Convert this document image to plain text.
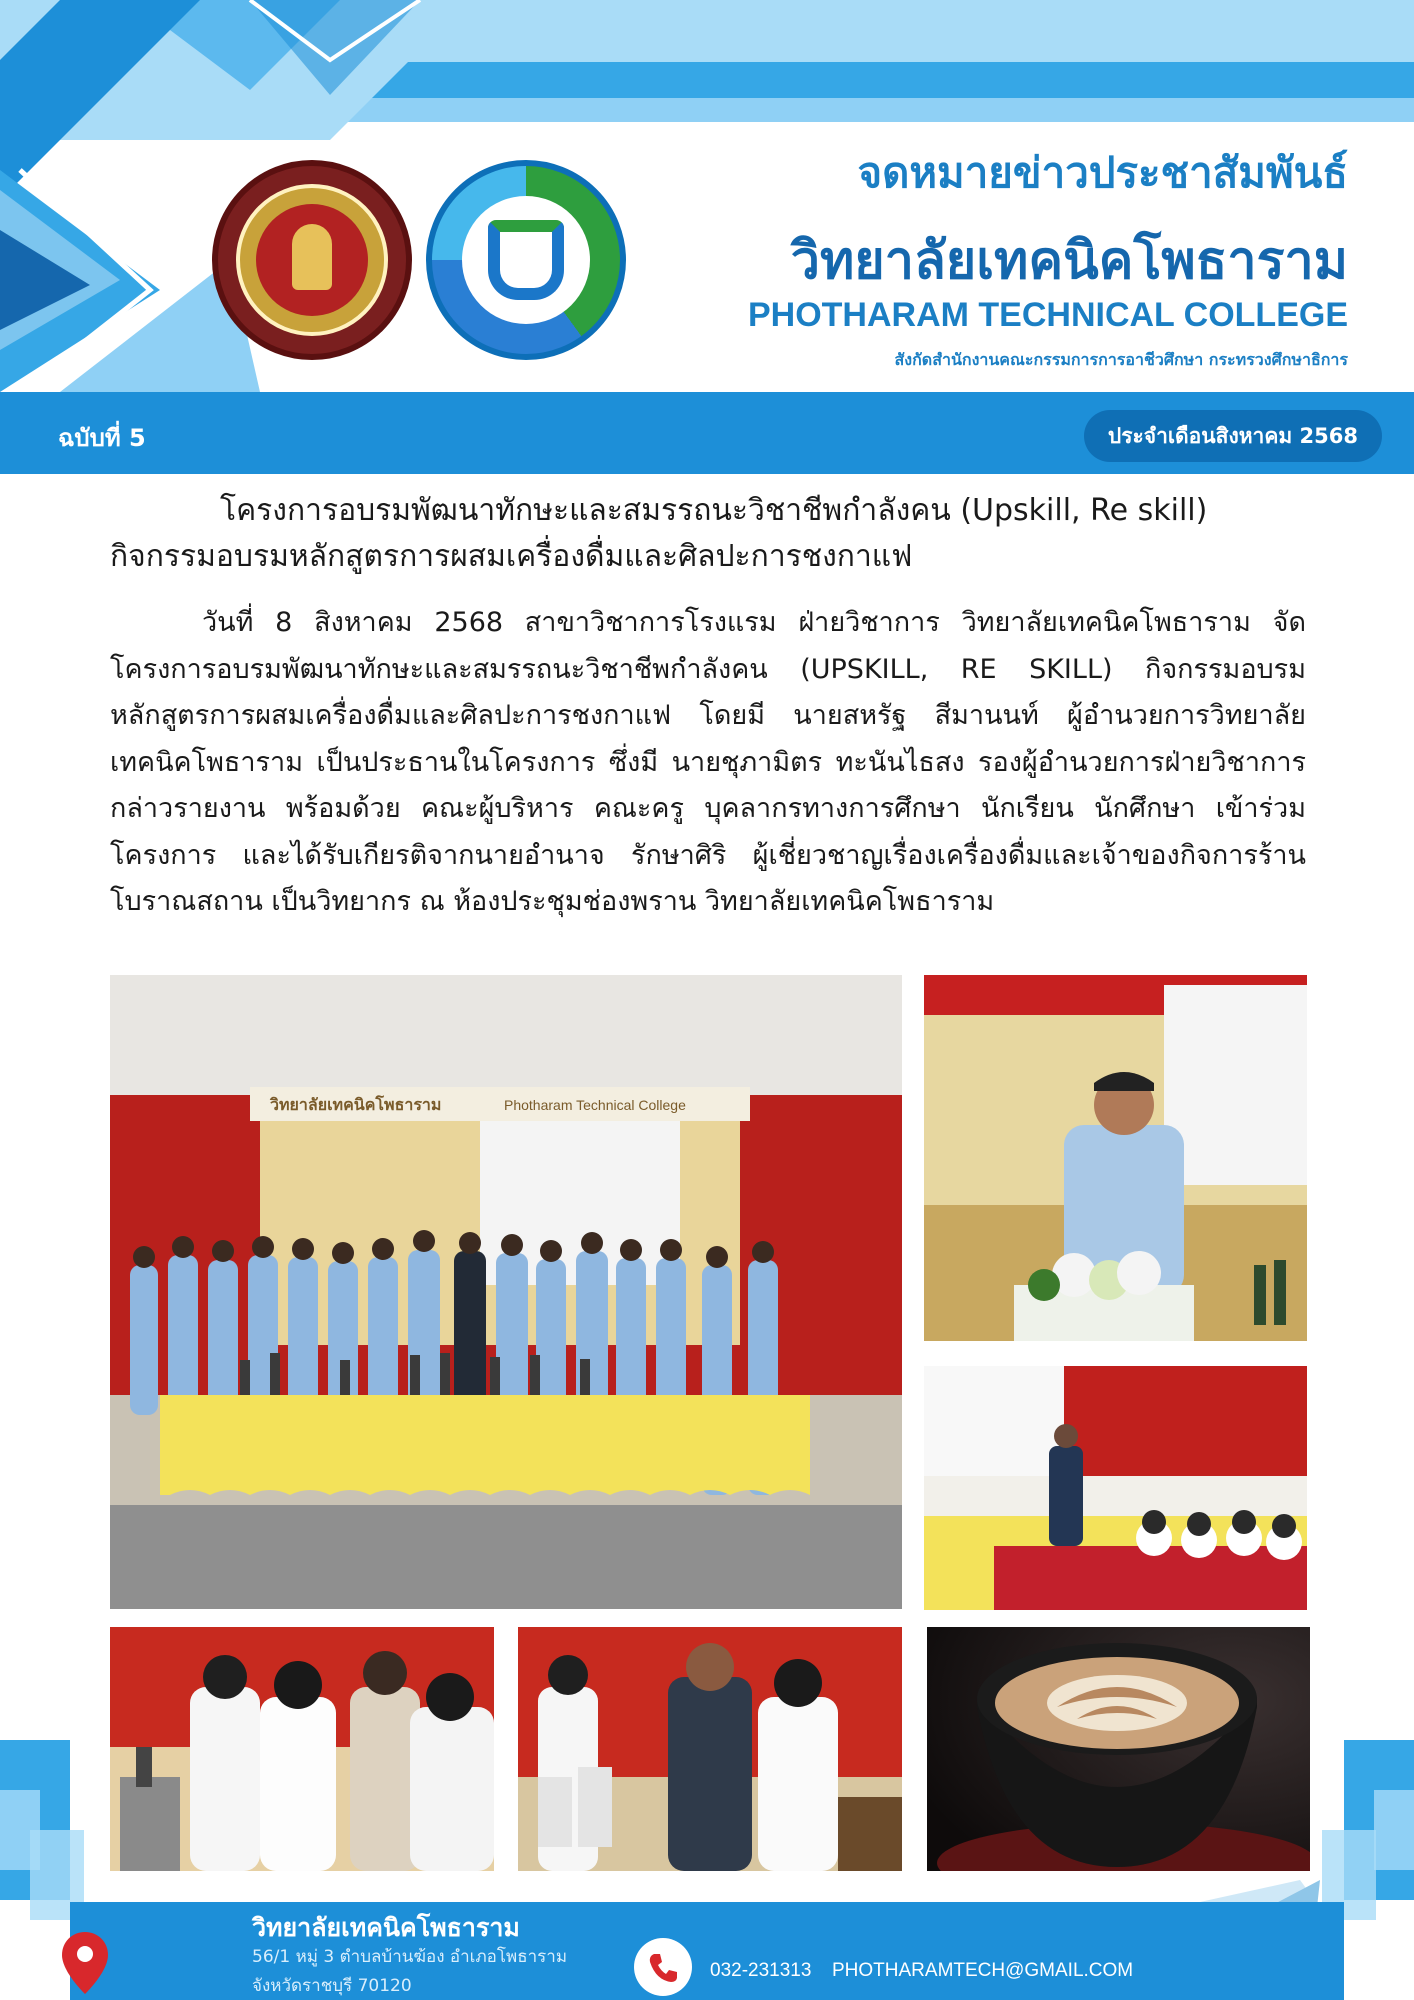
จดหมายข่าวประชาสัมพันธ์
วิทยาลัยเทคนิคโพธาราม
PHOTHARAM TECHNICAL COLLEGE
สังกัดสำนักงานคณะกรรมการการอาชีวศึกษา กระทรวงศึกษาธิการ
ฉบับที่ 5	ประจำเดือนสิงหาคม 2568
โครงการอบรมพัฒนาทักษะและสมรรถนะวิชาชีพกำลังคน (Upskill, Re skill)
กิจกรรมอบรมหลักสูตรการผสมเครื่องดื่มและศิลปะการชงกาแฟ
วันที่ 8 สิงหาคม 2568 สาขาวิชาการโรงแรม ฝ่ายวิชาการ วิทยาลัยเทคนิคโพธาราม จัดโครงการอบรมพัฒนาทักษะและสมรรถนะวิชาชีพกำลังคน (UPSKILL, RE SKILL) กิจกรรมอบรมหลักสูตรการผสมเครื่องดื่มและศิลปะการชงกาแฟ โดยมี นายสหรัฐ สีมานนท์ ผู้อำนวยการวิทยาลัยเทคนิคโพธาราม เป็นประธานในโครงการ ซึ่งมี นายชุภามิตร ทะนันไธสง รองผู้อำนวยการฝ่ายวิชาการ กล่าวรายงาน พร้อมด้วย คณะผู้บริหาร คณะครู บุคลากรทางการศึกษา นักเรียน นักศึกษา เข้าร่วมโครงการ และได้รับเกียรติจากนายอำนาจ รักษาศิริ ผู้เชี่ยวชาญเรื่องเครื่องดื่มและเจ้าของกิจการร้านโบราณสถาน เป็นวิทยากร ณ ห้องประชุมช่องพราน วิทยาลัยเทคนิคโพธาราม
วิทยาลัยเทคนิคโพธาราม	Photharam Technical College
วิทยาลัยเทคนิคโพธาราม
56/1 หมู่ 3 ตำบลบ้านฆ้อง อำเภอโพธาราม
จังหวัดราชบุรี 70120
032-231313 PHOTHARAMTECH@GMAIL.COM
